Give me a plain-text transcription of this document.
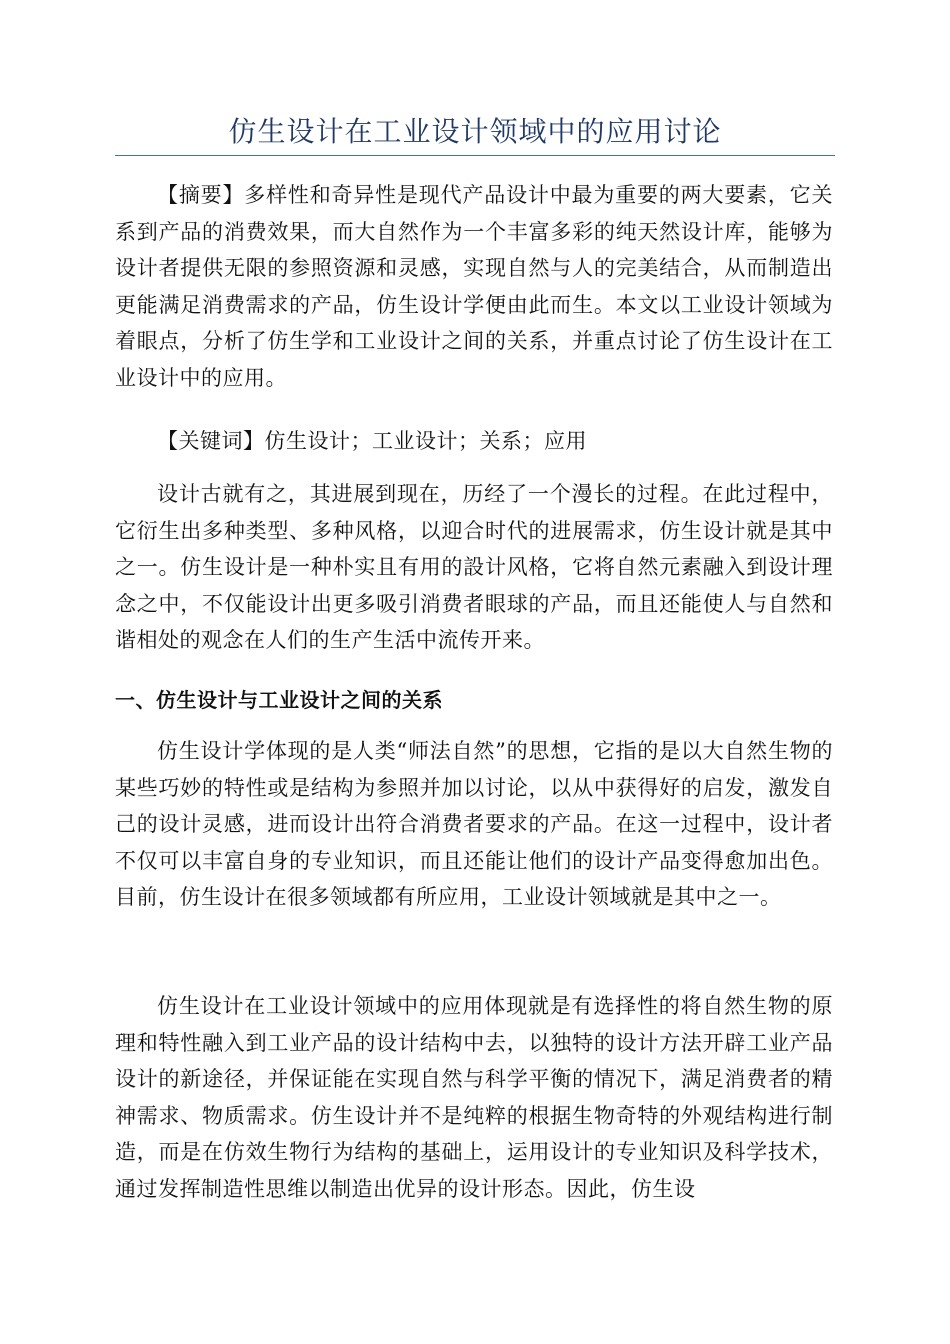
仿生设计在工业设计领域中的应用讨论

【摘要】多样性和奇异性是现代产品设计中最为重要的两大要素，它关系到产品的消费效果，而大自然作为一个丰富多彩的纯天然设计库，能够为设计者提供无限的参照资源和灵感，实现自然与人的完美结合，从而制造出更能满足消费需求的产品，仿生设计学便由此而生。本文以工业设计领域为着眼点，分析了仿生学和工业设计之间的关系，并重点讨论了仿生设计在工业设计中的应用。

【关键词】仿生设计；工业设计；关系；应用

设计古就有之，其进展到现在，历经了一个漫长的过程。在此过程中，它衍生出多种类型、多种风格，以迎合时代的进展需求，仿生设计就是其中之一。仿生设计是一种朴实且有用的設计风格，它将自然元素融入到设计理念之中，不仅能设计出更多吸引消费者眼球的产品，而且还能使人与自然和谐相处的观念在人们的生产生活中流传开来。

一、仿生设计与工业设计之间的关系

仿生设计学体现的是人类“师法自然”的思想，它指的是以大自然生物的某些巧妙的特性或是结构为参照并加以讨论，以从中获得好的启发，激发自己的设计灵感，进而设计出符合消费者要求的产品。在这一过程中，设计者不仅可以丰富自身的专业知识，而且还能让他们的设计产品变得愈加出色。目前，仿生设计在很多领域都有所应用，工业设计领域就是其中之一。

仿生设计在工业设计领域中的应用体现就是有选择性的将自然生物的原理和特性融入到工业产品的设计结构中去，以独特的设计方法开辟工业产品设计的新途径，并保证能在实现自然与科学平衡的情况下，满足消费者的精神需求、物质需求。仿生设计并不是纯粹的根据生物奇特的外观结构进行制造，而是在仿效生物行为结构的基础上，运用设计的专业知识及科学技术，通过发挥制造性思维以制造出优异的设计形态。因此，仿生设
